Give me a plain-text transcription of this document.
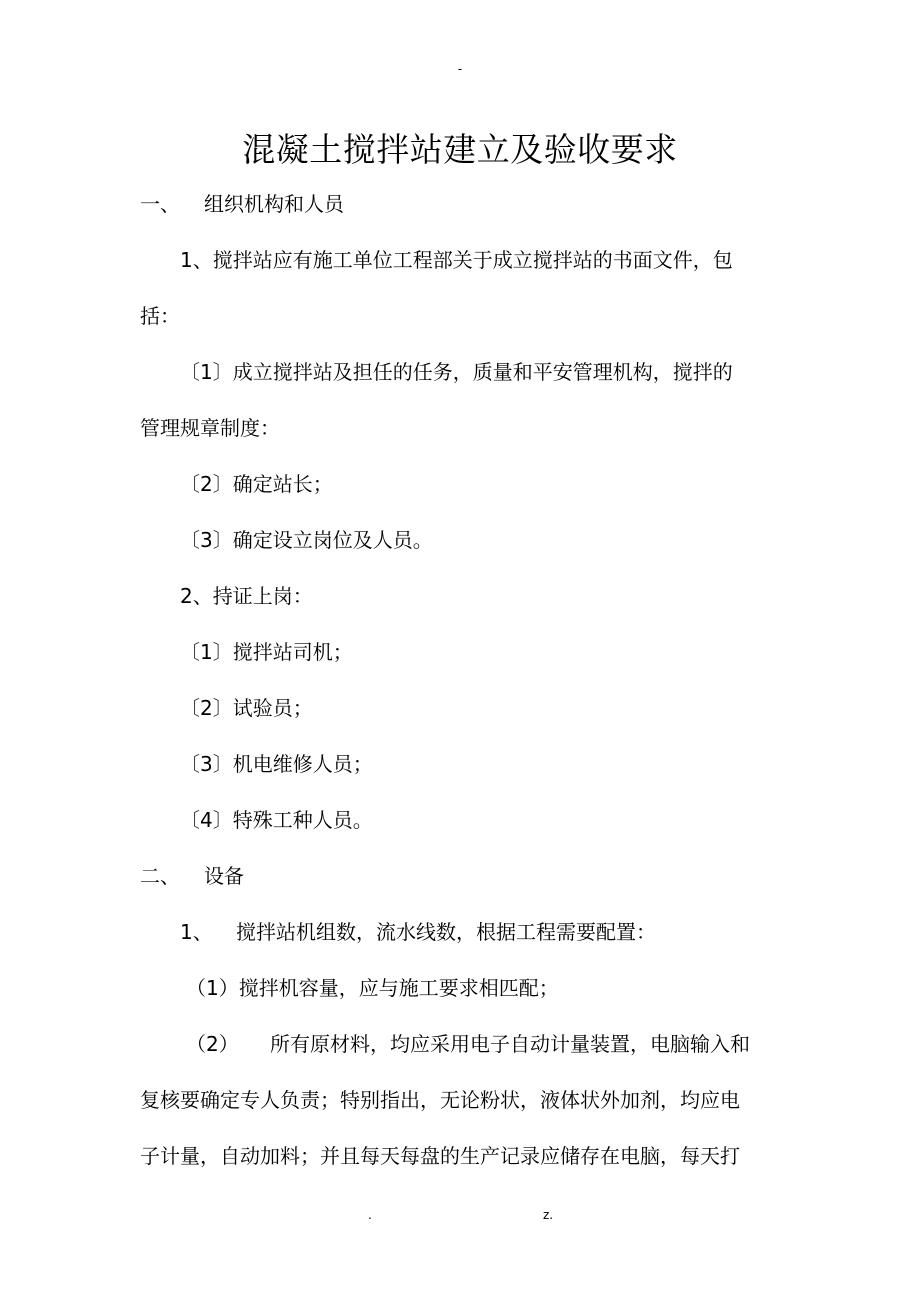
-
混凝土搅拌站建立及验收要求
一、 组织机构和人员
1、搅拌站应有施工单位工程部关于成立搅拌站的书面文件，包
括：
〔1〕成立搅拌站及担任的任务，质量和平安管理机构，搅拌的
管理规章制度：
〔2〕确定站长；
〔3〕确定设立岗位及人员。
2、持证上岗：
〔1〕搅拌站司机；
〔2〕试验员；
〔3〕机电维修人员；
〔4〕特殊工种人员。
二、 设备
1、 搅拌站机组数，流水线数，根据工程需要配置：
（1）搅拌机容量，应与施工要求相匹配；
（2） 所有原材料，均应采用电子自动计量装置，电脑输入和
复核要确定专人负责；特别指出，无论粉状，液体状外加剂，均应电
子计量，自动加料；并且每天每盘的生产记录应储存在电脑，每天打
.	z.
